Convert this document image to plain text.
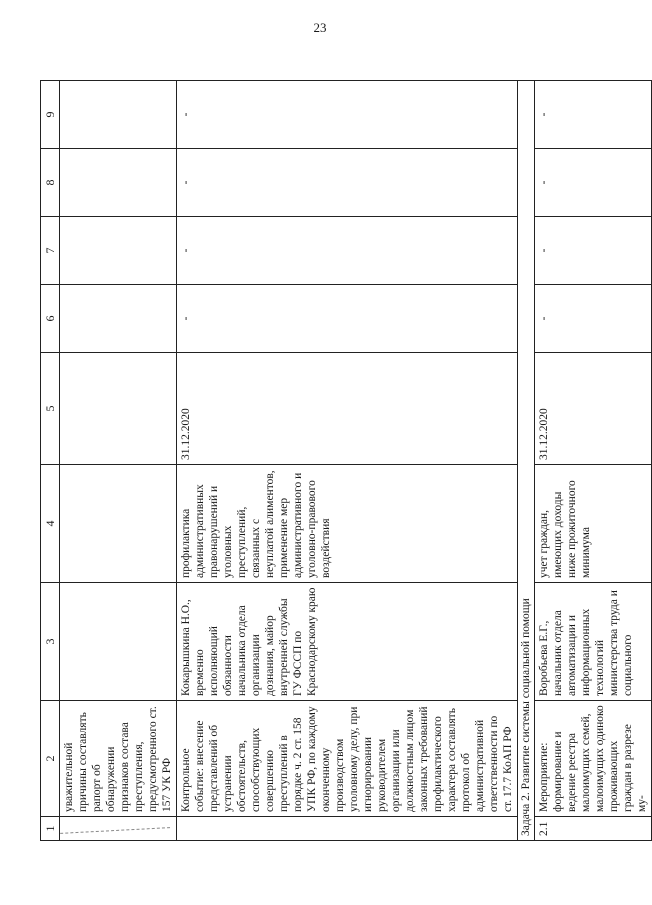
23
1	2	3	4	5	6	7	8	9
	уважительной причины составлять рапорт об обнаружении признаков состава преступления, предусмотренного ст. 157 УК РФ							
	Контрольное событие: внесение представлений об устранении обстоятельств, способствующих совершению преступлений в порядке ч. 2 ст. 158 УПК РФ, по каждому оконченному производством уголовному делу, при игнорировании руководителем организации или должностным лицом законных требований профилактического характера составлять протокол об административной ответственности по ст. 17.7 КоАП РФ	Кокарышкина Н.О., временно исполняющий обязанности начальника отдела организации дознания, майор внутренней службы ГУ ФССП по Краснодарскому краю	профилактика административных правонарушений и уголовных преступлений, связанных с неуплатой алиментов, применение мер административного и уголовно-правового воздействия	31.12.2020	-	-	-	-
Задача 2. Развитие системы социальной помощи								
2.1	Мероприятие: формирование и ведение реестра малоимущих семей, малоимущих одиноко проживающих граждан в разрезе му-	Воробьева Е.Г., начальник отдела автоматизации и информационных технологий министерства труда и социального	учет граждан, имеющих доходы ниже прожиточного минимума	31.12.2020	-	-	-	-
